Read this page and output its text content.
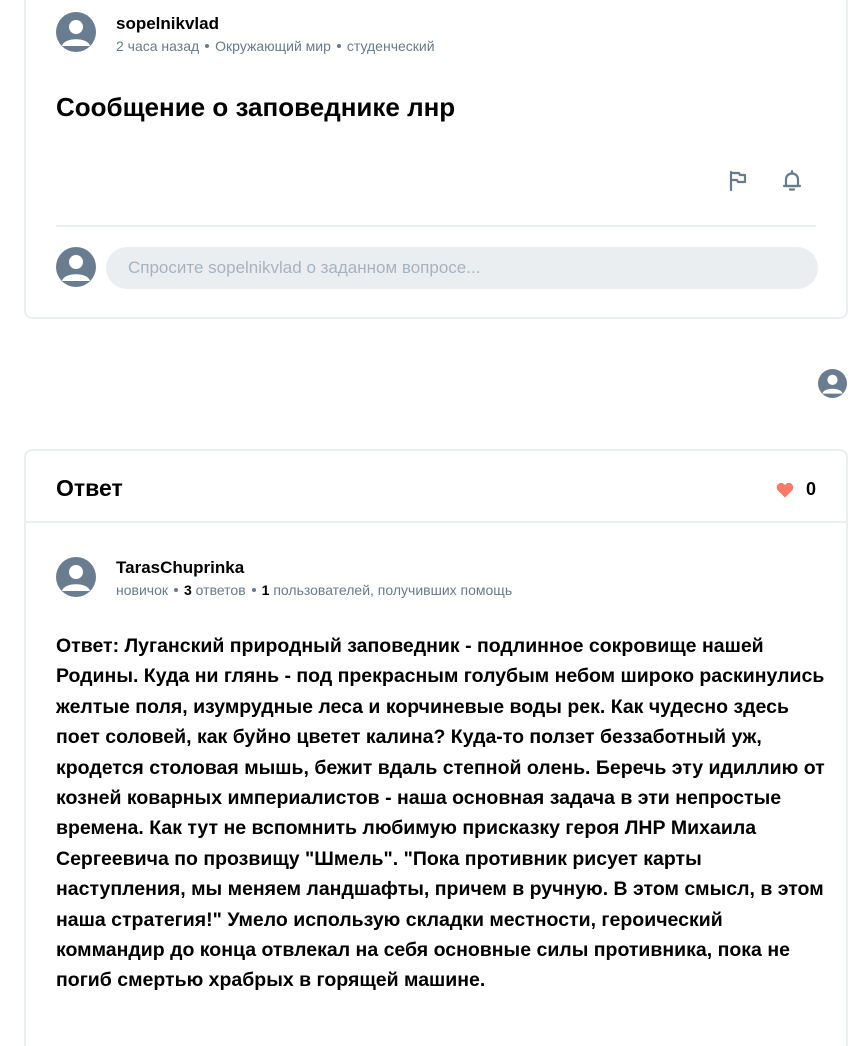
sopelnikvlad
2 часа назад Окружающий мир студенческий
Сообщение о заповеднике лнр
Спросите sopelnikvlad о заданном вопросе...
Ответ	0
TarasChuprinka
новичок 3 ответов 1 пользователей, получивших помощь
Ответ: Луганский природный заповедник - подлинное сокровище нашей Родины. Куда ни глянь - под прекрасным голубым небом широко раскинулись желтые поля, изумрудные леса и корчиневые воды рек. Как чудесно здесь поет соловей, как буйно цветет калина? Куда-то ползет беззаботный уж, кродется столовая мышь, бежит вдаль степной олень. Беречь эту идиллию от козней коварных империалистов - наша основная задача в эти непростые времена. Как тут не вспомнить любимую присказку героя ЛНР Михаила Сергеевича по прозвищу "Шмель". "Пока противник рисует карты наступления, мы меняем ландшафты, причем в ручную. В этом смысл, в этом наша стратегия!" Умело использую складки местности, героический коммандир до конца отвлекал на себя основные силы противника, пока не погиб смертью храбрых в горящей машине.
